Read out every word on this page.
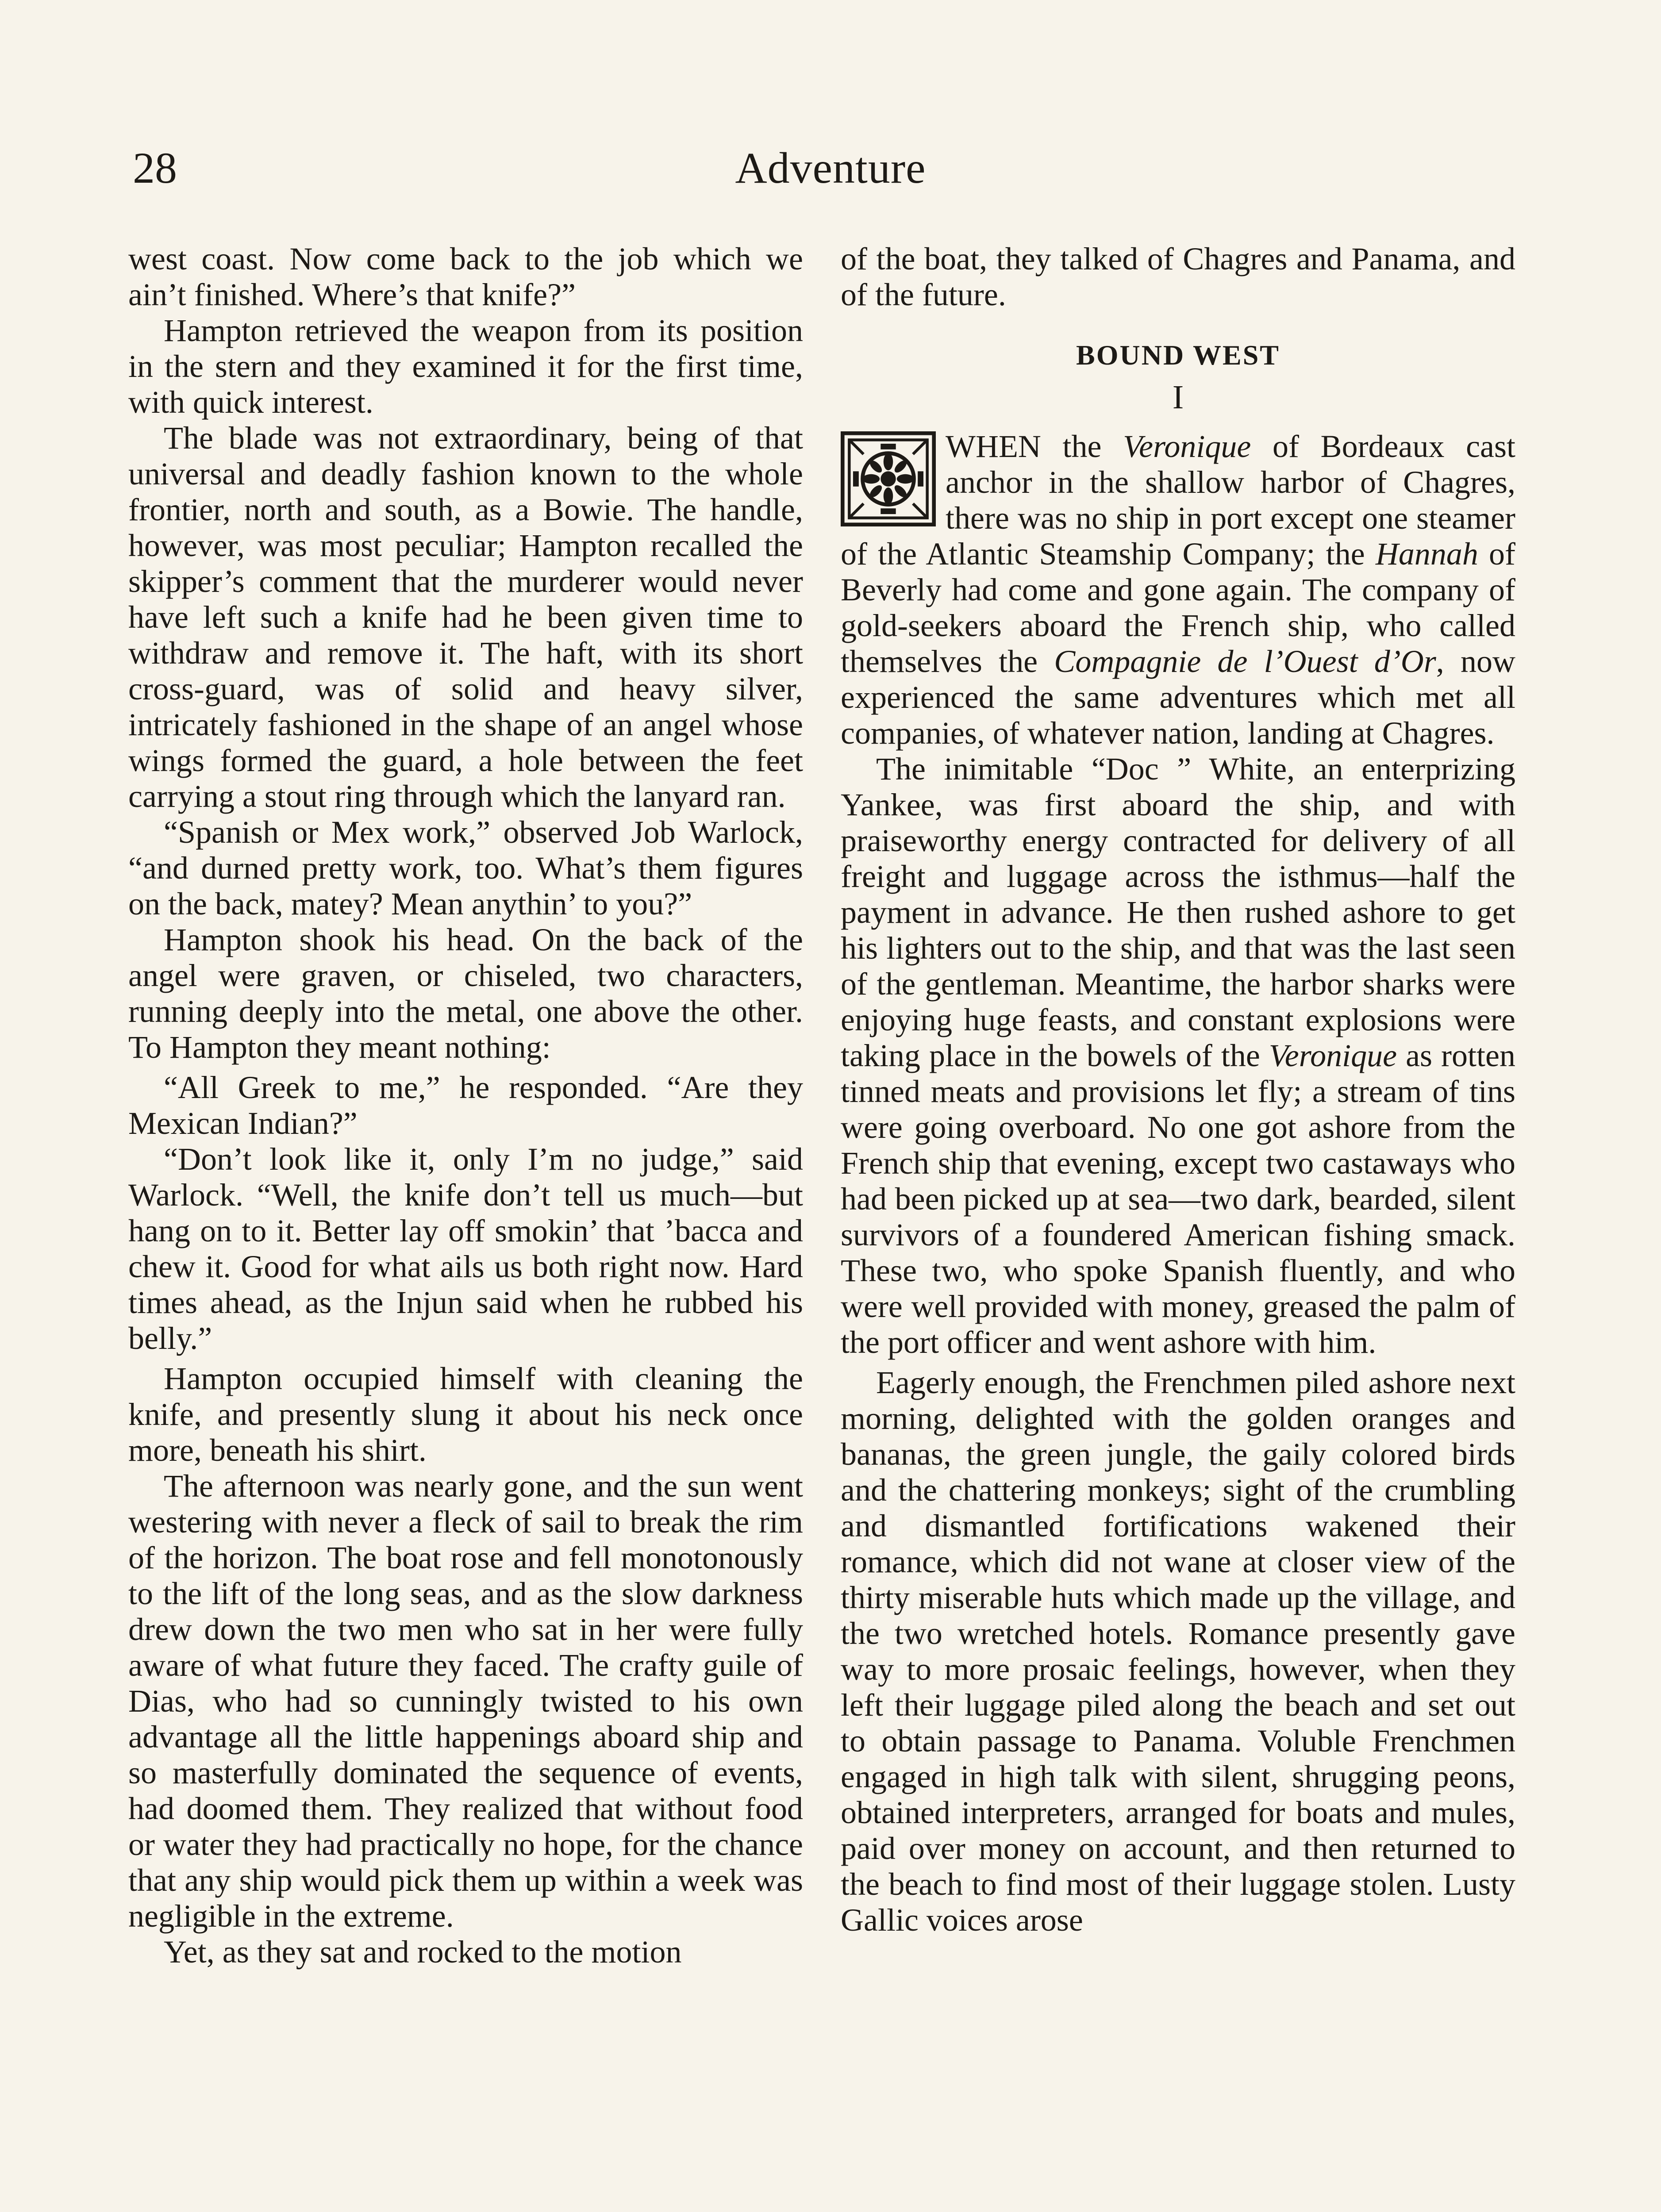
28	Adventure

west coast. Now come back to the job which we ain’t finished. Where’s that knife?”

Hampton retrieved the weapon from its position in the stern and they examined it for the first time, with quick interest.

The blade was not extraordinary, being of that universal and deadly fashion known to the whole frontier, north and south, as a Bowie. The handle, however, was most peculiar; Hampton recalled the skipper’s comment that the murderer would never have left such a knife had he been given time to withdraw and remove it. The haft, with its short cross-guard, was of solid and heavy silver, intricately fashioned in the shape of an angel whose wings formed the guard, a hole between the feet carrying a stout ring through which the lanyard ran.

“Spanish or Mex work,” observed Job Warlock, “and durned pretty work, too. What’s them figures on the back, matey? Mean anythin’ to you?”

Hampton shook his head. On the back of the angel were graven, or chiseled, two characters, running deeply into the metal, one above the other. To Hampton they meant nothing:

“All Greek to me,” he responded. “Are they Mexican Indian?”

“Don’t look like it, only I’m no judge,” said Warlock. “Well, the knife don’t tell us much—but hang on to it. Better lay off smokin’ that ’bacca and chew it. Good for what ails us both right now. Hard times ahead, as the Injun said when he rubbed his belly.”

Hampton occupied himself with cleaning the knife, and presently slung it about his neck once more, beneath his shirt.

The afternoon was nearly gone, and the sun went westering with never a fleck of sail to break the rim of the horizon. The boat rose and fell monotonously to the lift of the long seas, and as the slow darkness drew down the two men who sat in her were fully aware of what future they faced. The crafty guile of Dias, who had so cunningly twisted to his own advantage all the little happenings aboard ship and so masterfully dominated the sequence of events, had doomed them. They realized that without food or water they had practically no hope, for the chance that any ship would pick them up within a week was negligible in the extreme.

Yet, as they sat and rocked to the motion

of the boat, they talked of Chagres and Panama, and of the future.

BOUND WEST
I

WHEN the Veronique of Bordeaux cast anchor in the shallow harbor of Chagres, there was no ship in port except one steamer of the Atlantic Steamship Company; the Hannah of Beverly had come and gone again. The company of gold-seekers aboard the French ship, who called themselves the Compagnie de l’Ouest d’Or, now experienced the same adventures which met all companies, of whatever nation, landing at Chagres.

The inimitable “Doc ” White, an enterprizing Yankee, was first aboard the ship, and with praiseworthy energy contracted for delivery of all freight and luggage across the isthmus—half the payment in advance. He then rushed ashore to get his lighters out to the ship, and that was the last seen of the gentleman. Meantime, the harbor sharks were enjoying huge feasts, and constant explosions were taking place in the bowels of the Veronique as rotten tinned meats and provisions let fly; a stream of tins were going overboard. No one got ashore from the French ship that evening, except two castaways who had been picked up at sea—two dark, bearded, silent survivors of a foundered American fishing smack. These two, who spoke Spanish fluently, and who were well provided with money, greased the palm of the port officer and went ashore with him.

Eagerly enough, the Frenchmen piled ashore next morning, delighted with the golden oranges and bananas, the green jungle, the gaily colored birds and the chattering monkeys; sight of the crumbling and dismantled fortifications wakened their romance, which did not wane at closer view of the thirty miserable huts which made up the village, and the two wretched hotels. Romance presently gave way to more prosaic feelings, however, when they left their luggage piled along the beach and set out to obtain passage to Panama. Voluble Frenchmen engaged in high talk with silent, shrugging peons, obtained interpreters, arranged for boats and mules, paid over money on account, and then returned to the beach to find most of their luggage stolen. Lusty Gallic voices arose
